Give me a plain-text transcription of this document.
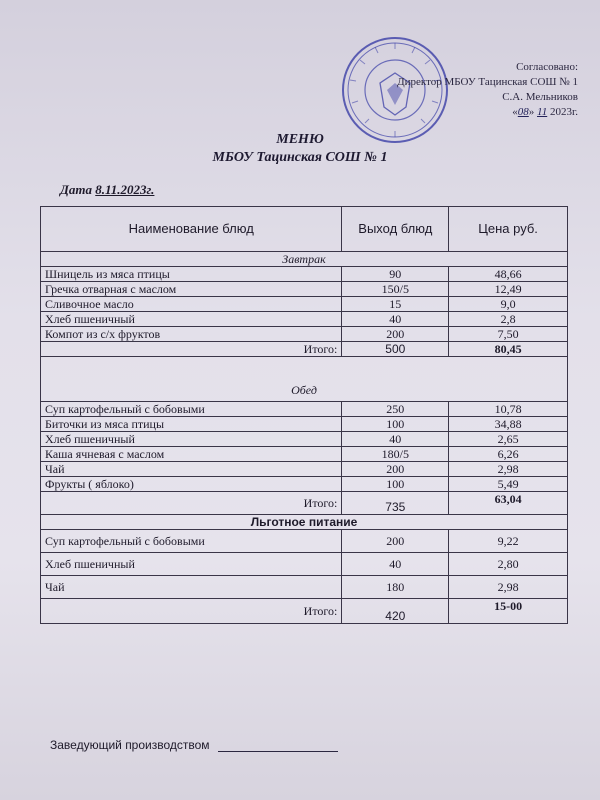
Согласовано:
Директор МБОУ Тацинская СОШ № 1
С.А. Мельников
«08» 11 2023г.
МЕНЮ
МБОУ Тацинская СОШ № 1
Дата 8.11.2023г.
Наименование блюд	Выход блюд	Цена руб.
Завтрак		
Шницель из мяса птицы	90	48,66
Гречка отварная с маслом	150/5	12,49
Сливочное масло	15	9,0
Хлеб пшеничный	40	2,8
Компот из с/х фруктов	200	7,50
Итого:	500	80,45
Обед		
Суп картофельный с бобовыми	250	10,78
Биточки из мяса птицы	100	34,88
Хлеб пшеничный	40	2,65
Каша ячневая с маслом	180/5	6,26
Чай	200	2,98
Фрукты ( яблоко)	100	5,49
Итого:	735	63,04
Льготное питание		
Суп картофельный с бобовыми	200	9,22
Хлеб пшеничный	40	2,80
Чай	180	2,98
Итого:	420	15-00
Заведующий производством
